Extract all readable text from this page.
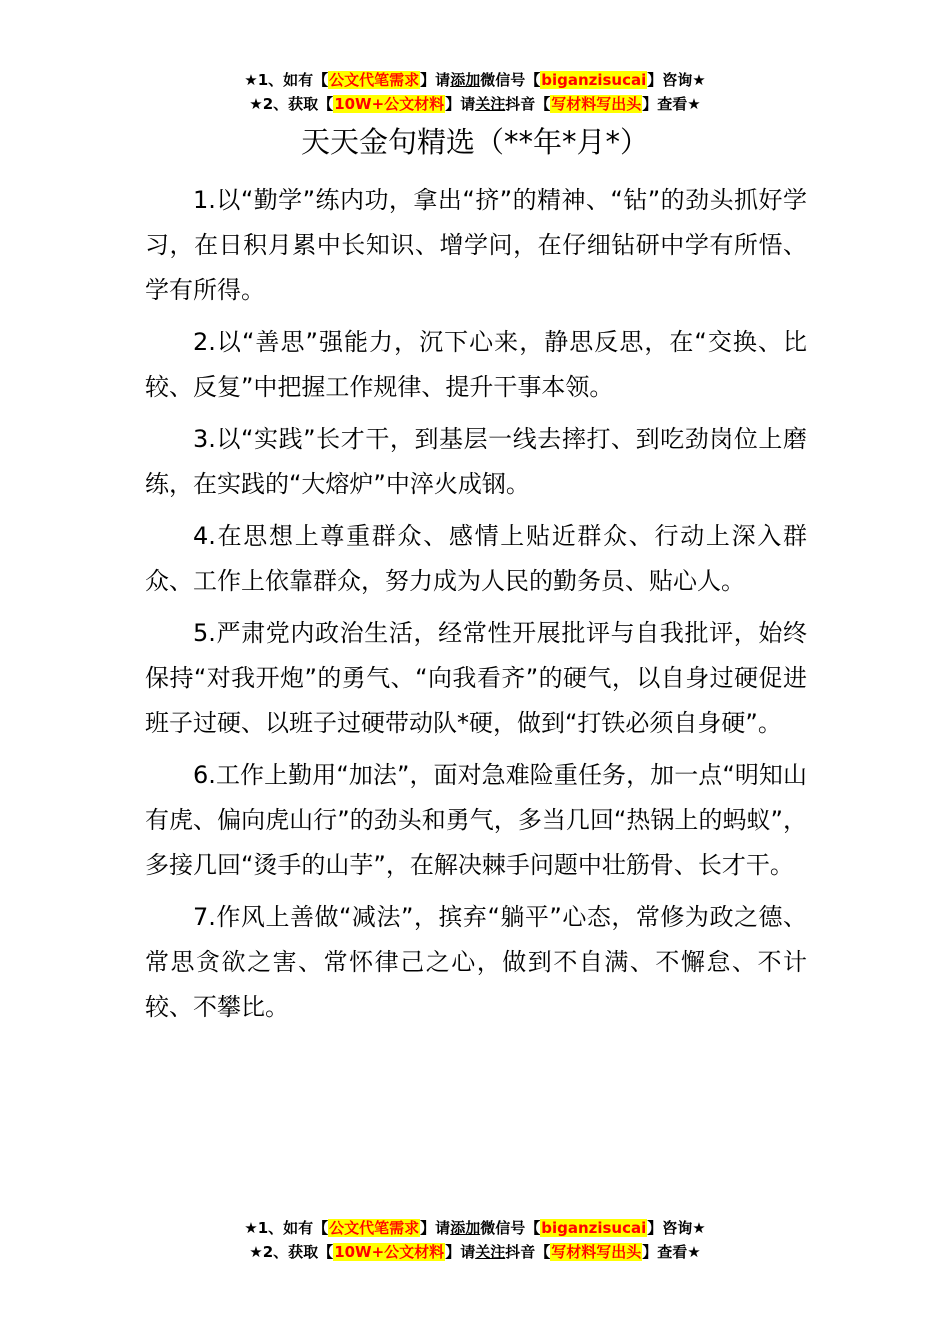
★1、如有【公文代笔需求】请添加微信号【biganzisucai】咨询★
★2、获取【10W+公文材料】请关注抖音【写材料写出头】查看★
天天金句精选（**年*月*）

1.以“勤学”练内功，拿出“挤”的精神、“钻”的劲头抓好学习，在日积月累中长知识、增学问，在仔细钻研中学有所悟、学有所得。

2.以“善思”强能力，沉下心来，静思反思，在“交换、比较、反复”中把握工作规律、提升干事本领。

3.以“实践”长才干，到基层一线去摔打、到吃劲岗位上磨练，在实践的“大熔炉”中淬火成钢。

4.在思想上尊重群众、感情上贴近群众、行动上深入群众、工作上依靠群众，努力成为人民的勤务员、贴心人。

5.严肃党内政治生活，经常性开展批评与自我批评，始终保持“对我开炮”的勇气、“向我看齐”的硬气，以自身过硬促进班子过硬、以班子过硬带动队*硬，做到“打铁必须自身硬”。

6.工作上勤用“加法”，面对急难险重任务，加一点“明知山有虎、偏向虎山行”的劲头和勇气，多当几回“热锅上的蚂蚁”，多接几回“烫手的山芋”，在解决棘手问题中壮筋骨、长才干。

7.作风上善做“减法”，摈弃“躺平”心态，常修为政之德、常思贪欲之害、常怀律己之心，做到不自满、不懈怠、不计较、不攀比。

★1、如有【公文代笔需求】请添加微信号【biganzisucai】咨询★
★2、获取【10W+公文材料】请关注抖音【写材料写出头】查看★
